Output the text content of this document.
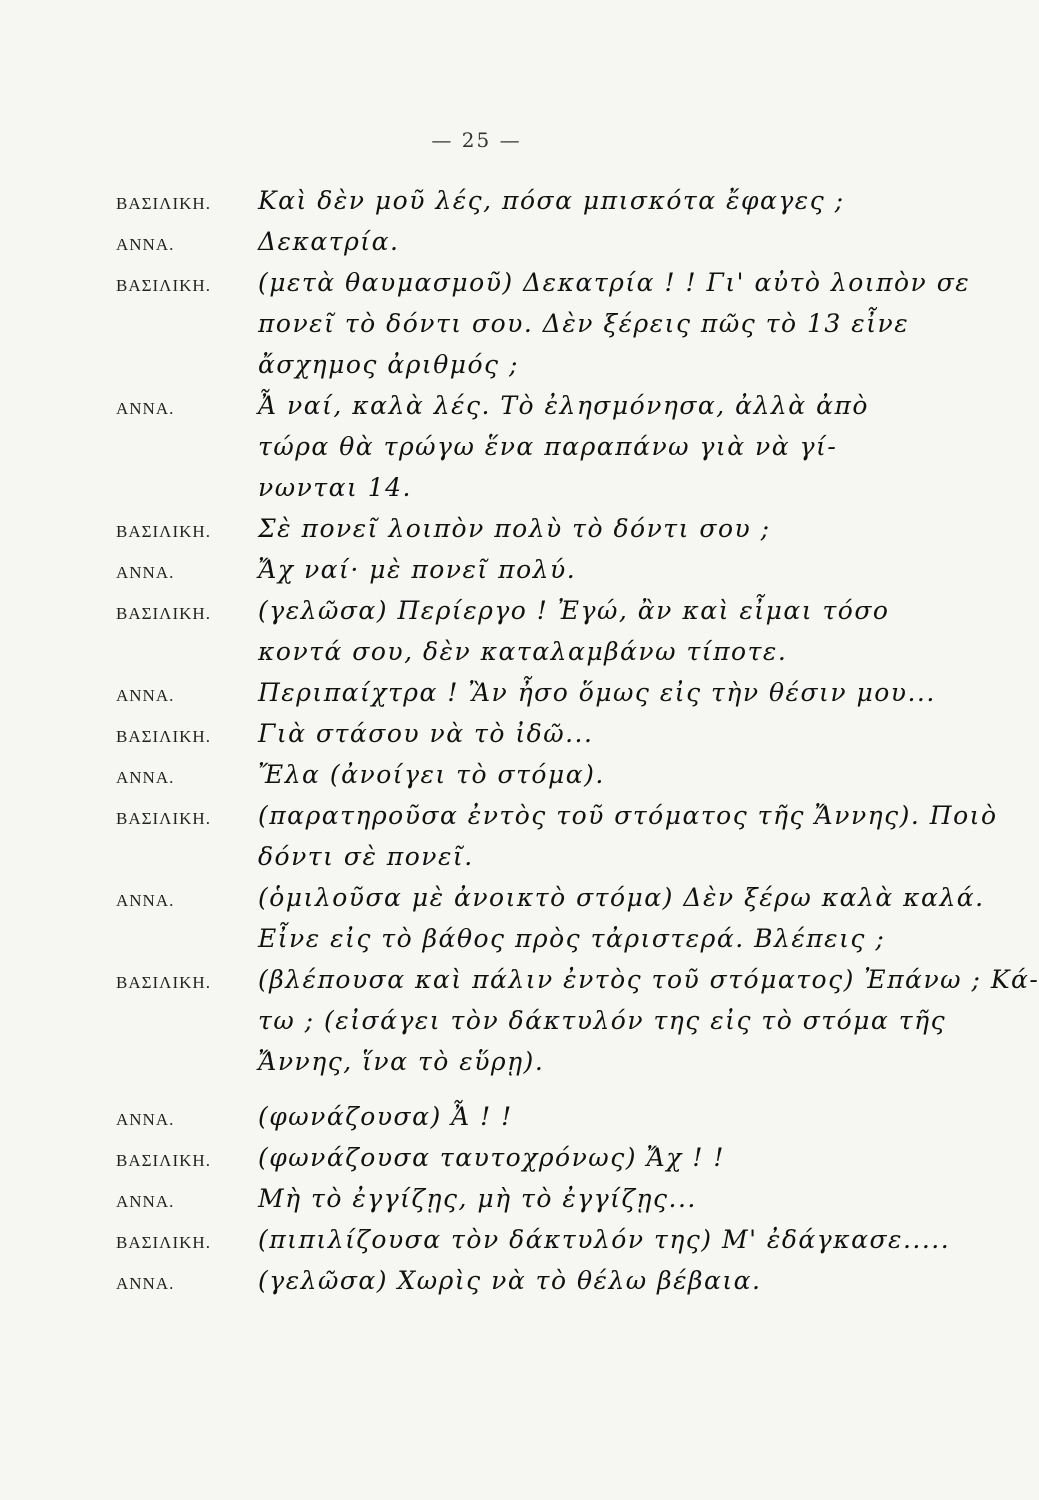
— 25 —
ΒΑΣΙΛΙΚΗ.	Καὶ δὲν μοῦ λές, πόσα μπισκότα ἔφαγες ;
ΑΝΝΑ.	Δεκατρία.
ΒΑΣΙΛΙΚΗ.	(μετὰ θαυμασμοῦ) Δεκατρία ! ! Γι' αὐτὸ λοιπὸν σε
πονεῖ τὸ δόντι σου. Δὲν ξέρεις πῶς τὸ 13 εἶνε
ἄσχημος ἀριθμός ;
ΑΝΝΑ.	Ἆ ναί, καλὰ λές. Τὸ ἐλησμόνησα, ἀλλὰ ἀπὸ
τώρα θὰ τρώγω ἕνα παραπάνω γιὰ νὰ γί-
νωνται 14.
ΒΑΣΙΛΙΚΗ.	Σὲ πονεῖ λοιπὸν πολὺ τὸ δόντι σου ;
ΑΝΝΑ.	Ἄχ ναί· μὲ πονεῖ πολύ.
ΒΑΣΙΛΙΚΗ.	(γελῶσα) Περίεργο ! Ἐγώ, ἂν καὶ εἶμαι τόσο
κοντά σου, δὲν καταλαμβάνω τίποτε.
ΑΝΝΑ.	Περιπαίχτρα ! Ἂν ἦσο ὅμως εἰς τὴν θέσιν μου...
ΒΑΣΙΛΙΚΗ.	Γιὰ στάσου νὰ τὸ ἰδῶ...
ΑΝΝΑ.	Ἔλα (ἀνοίγει τὸ στόμα).
ΒΑΣΙΛΙΚΗ.	(παρατηροῦσα ἐντὸς τοῦ στόματος τῆς Ἄννης). Ποιὸ
δόντι σὲ πονεῖ.
ΑΝΝΑ.	(ὁμιλοῦσα μὲ ἀνοικτὸ στόμα) Δὲν ξέρω καλὰ καλά.
Εἶνε εἰς τὸ βάθος πρὸς τἀριστερά. Βλέπεις ;
ΒΑΣΙΛΙΚΗ.	(βλέπουσα καὶ πάλιν ἐντὸς τοῦ στόματος) Ἐπάνω ; Κά-
τω ; (εἰσάγει τὸν δάκτυλόν της εἰς τὸ στόμα τῆς
Ἄννης, ἵνα τὸ εὕρῃ).
ΑΝΝΑ.	(φωνάζουσα) Ἆ ! !
ΒΑΣΙΛΙΚΗ.	(φωνάζουσα ταυτοχρόνως) Ἄχ ! !
ΑΝΝΑ.	Μὴ τὸ ἐγγίζῃς, μὴ τὸ ἐγγίζῃς...
ΒΑΣΙΛΙΚΗ.	(πιπιλίζουσα τὸν δάκτυλόν της) Μ' ἐδάγκασε.....
ΑΝΝΑ.	(γελῶσα) Χωρὶς νὰ τὸ θέλω βέβαια.
